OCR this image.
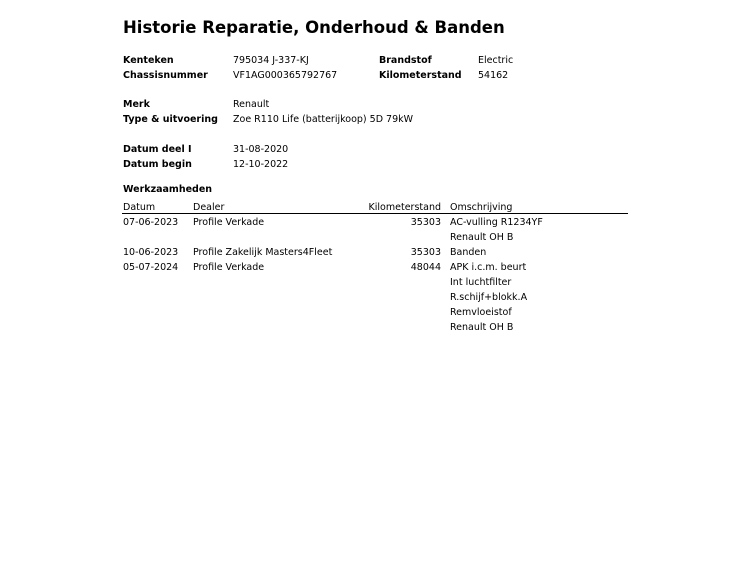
Historie Reparatie, Onderhoud & Banden
Kenteken	795034 J-337-KJ	Brandstof	Electric
Chassisnummer	VF1AG000365792767	Kilometerstand 54162
Merk	Renault
Type & uitvoering Zoe R110 Life (batterijkoop) 5D 79kW
Datum deel I	31-08-2020
Datum begin	12-10-2022
Werkzaamheden
Datum	Dealer	Kilometerstand Omschrijving
07-06-2023 Profile Verkade	35303 AC-vulling R1234YF
Renault OH B
10-06-2023 Profile Zakelijk Masters4Fleet	35303 Banden
05-07-2024 Profile Verkade	48044 APK i.c.m. beurt
Int luchtfilter
R.schijf+blokk.A
Remvloeistof
Renault OH B
